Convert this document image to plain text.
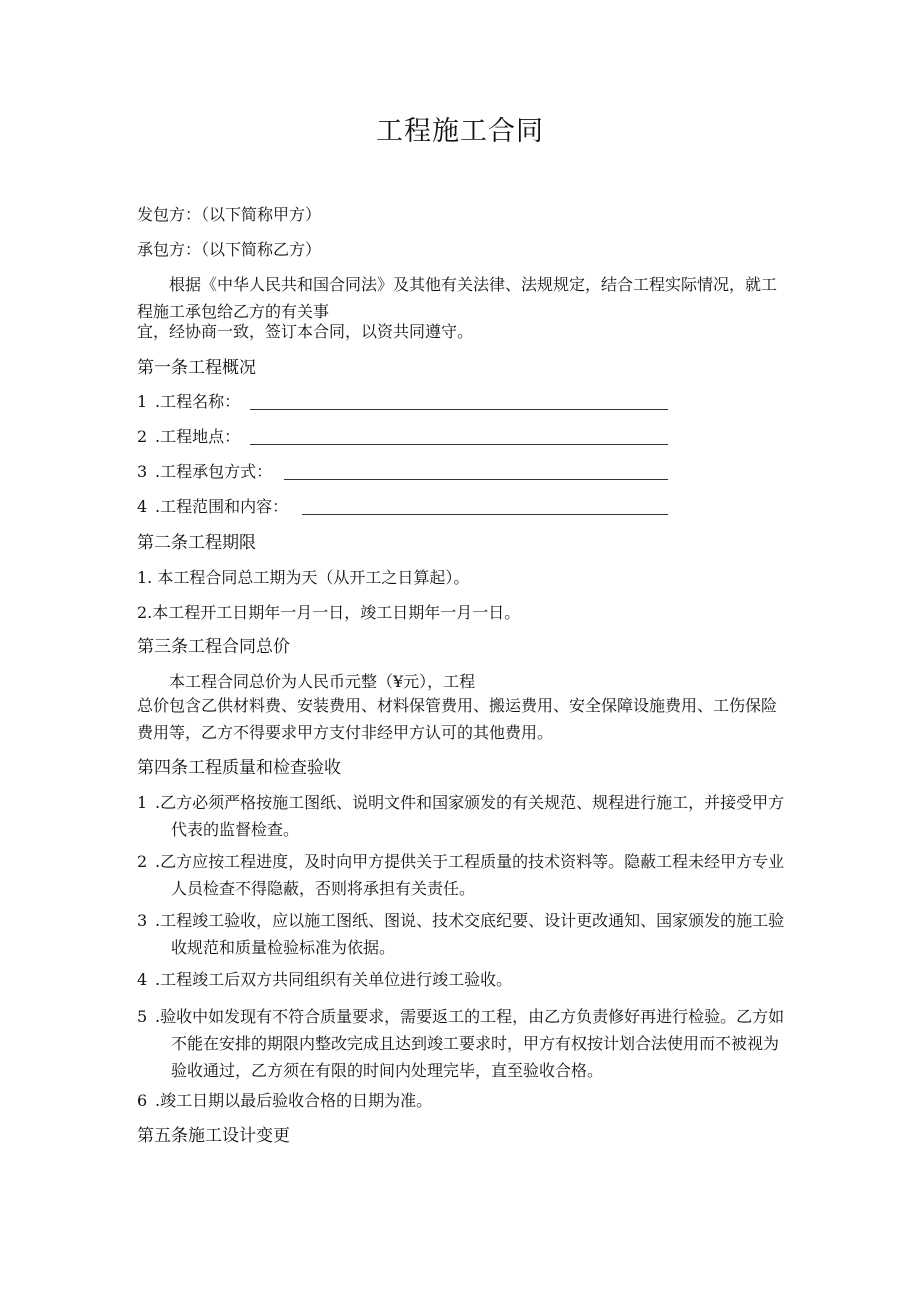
工程施工合同
发包方：（以下简称甲方）
承包方：（以下简称乙方）
根据《中华人民共和国合同法》及其他有关法律、法规规定，结合工程实际情况，就工程施工承包给乙方的有关事
宜，经协商一致，签订本合同，以资共同遵守。
第一条工程概况
1 .工程名称：
2 .工程地点：
3 .工程承包方式：
4 .工程范围和内容：
第二条工程期限
1. 本工程合同总工期为天（从开工之日算起）。
2.本工程开工日期年一月一日，竣工日期年一月一日。
第三条工程合同总价
本工程合同总价为人民币元整（¥元），工程
总价包含乙供材料费、安装费用、材料保管费用、搬运费用、安全保障设施费用、工伤保险费用等，乙方不得要求甲方支付非经甲方认可的其他费用。
第四条工程质量和检查验收
1 .乙方必须严格按施工图纸、说明文件和国家颁发的有关规范、规程进行施工，并接受甲方代表的监督检查。
2 .乙方应按工程进度，及时向甲方提供关于工程质量的技术资料等。隐蔽工程未经甲方专业人员检查不得隐蔽，否则将承担有关责任。
3 .工程竣工验收，应以施工图纸、图说、技术交底纪要、设计更改通知、国家颁发的施工验收规范和质量检验标准为依据。
4 .工程竣工后双方共同组织有关单位进行竣工验收。
5 .验收中如发现有不符合质量要求，需要返工的工程，由乙方负责修好再进行检验。乙方如不能在安排的期限内整改完成且达到竣工要求时，甲方有权按计划合法使用而不被视为验收通过，乙方须在有限的时间内处理完毕，直至验收合格。
6 .竣工日期以最后验收合格的日期为准。
第五条施工设计变更
